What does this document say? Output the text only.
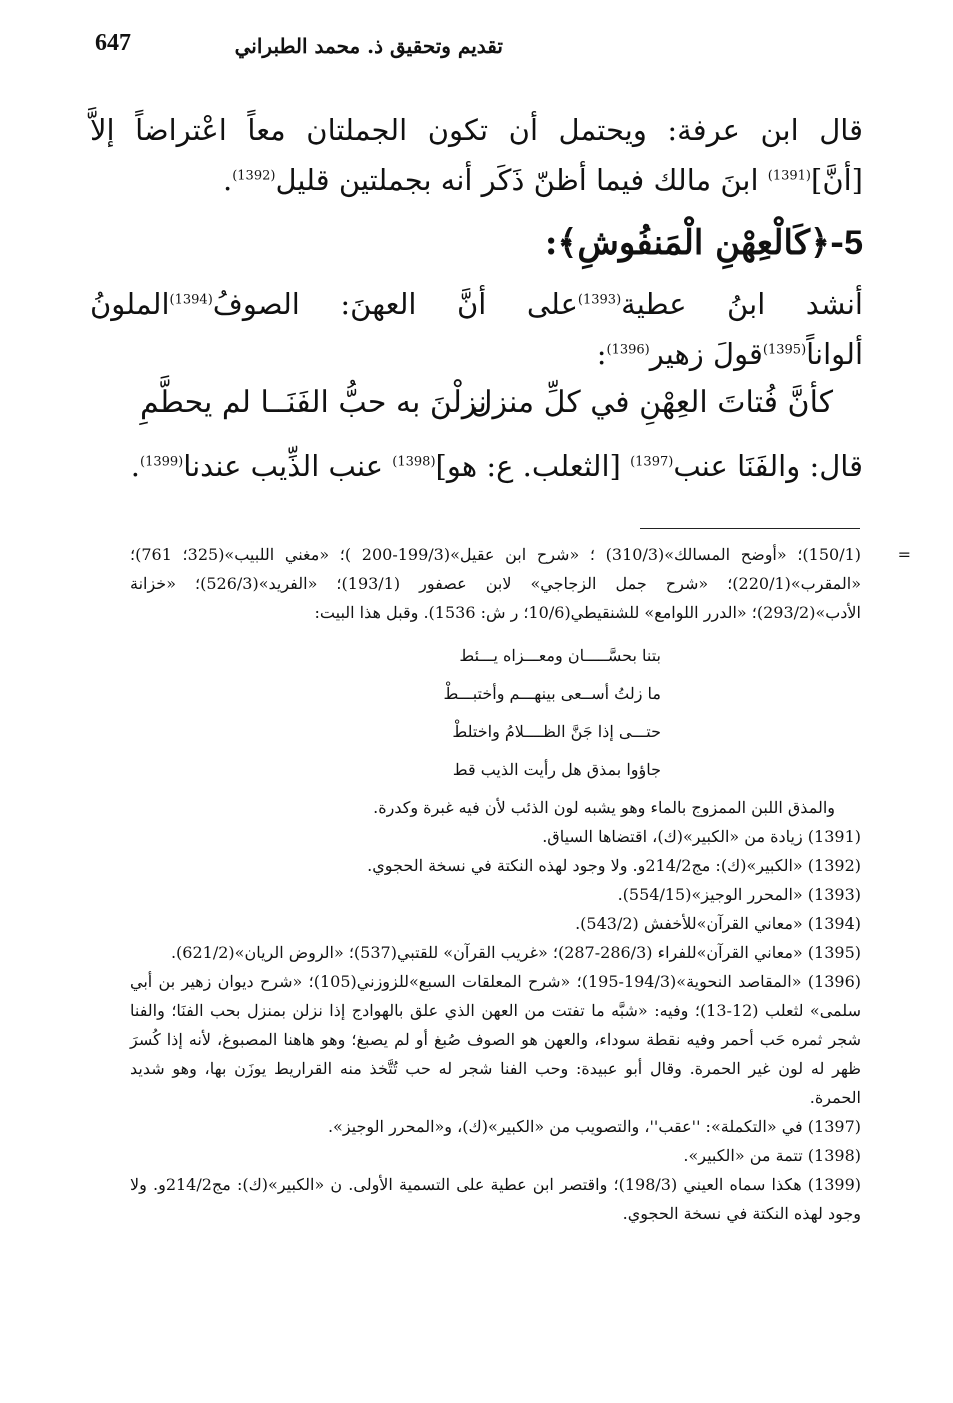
تقديم وتحقيق ذ. محمد الطبراني
647

قال ابن عرفة: ويحتمل أن تكون الجملتان معاً اعْتراضاً إلاَّ [أنَّ]$^{(1391)}$ ابنَ مالك فيما أظنّ ذَكَر أنه بجملتين قليل$^{(1392)}$.

5-﴿كَالْعِهْنِ الْمَنفُوشِ﴾:

أنشد ابنُ عطية$^{(1393)}$على أنَّ العهنَ: الصوفُ$^{(1394)}$الملونُ ألواناً$^{(1395)}$قولَ زهير$^{(1396)}$:

كأنَّ فُتاتَ العِهْنِ في كلِّ منزل
نزلْنَ به حبُّ الفَنَــا لم يحطَّمِ

قال: والفَنَا عنب$^{(1397)}$ [الثعلب. ع: هو]$^{(1398)}$ عنب الذِّيب عندنا$^{(1399)}$.

=
(150/1)؛ «أوضح المسالك»(310/3) ؛ «شرح ابن عقيل»(199/3-200 )؛ «مغني اللبيب»(325؛ 761)؛ «المقرب»(220/1)؛ «شرح جمل الزجاجي» لابن عصفور (193/1)؛ «الفريد»(526/3)؛ «خزانة الأدب»(293/2)؛ «الدرر اللوامع» للشنقيطي(10/6؛ ر ش: 1536). وقبل هذا البيت:

بتنا بحسَّـــــان ومعـــزاه يـــئط
ما زلتُ أســعى بينهـــم وأختبـــطْ
حتـــى إذا جَنَّ الظــــلامُ واختلطْ
جاؤوا بمذق هل رأيت الذيب قط

والمذق اللبن الممزوج بالماء وهو يشبه لون الذئب لأن فيه غبرة وكدرة.

(1391) زيادة من «الكبير»(ك)، اقتضاها السياق.

(1392) «الكبير»(ك): مج214/2و. ولا وجود لهذه النكتة في نسخة الحجوي.

(1393) «المحرر الوجيز»(554/15).

(1394) «معاني القرآن»للأخفش (543/2).

(1395) «معاني القرآن»للفراء (286/3-287)؛ «غريب القرآن» للقتبي(537)؛ «الروض الريان»(621/2).

(1396) «المقاصد النحوية»(194/3-195)؛ «شرح المعلقات السبع»للزوزني(105)؛ «شرح ديوان زهير بن أبي سلمى» لثعلب (12-13)؛ وفيه: «شبَّه ما تفتت من العهن الذي علق بالهوادج إذا نزلن بمنزل بحب الفنَا؛ والفنا شجر ثمره حَب أحمر وفيه نقطة سوداء، والعهن هو الصوف صُبغ أو لم يصبغ؛ وهو هاهنا المصبوغ، لأنه إذا كُسرَ ظهر له لون غير الحمرة. وقال أبو عبيدة: وحب الفنا شجر له حب تُتَّخذ منه القراريط يوزَن بها، وهو شديد الحمرة.

(1397) في «التكملة»: ''عقب''، والتصويب من «الكبير»(ك)، و«المحرر الوجيز».

(1398) تتمة من «الكبير».

(1399) هكذا سماه العيني (198/3)؛ واقتصر ابن عطية على التسمية الأولى. ن «الكبير»(ك): مج214/2و. ولا وجود لهذه النكتة في نسخة الحجوي.
